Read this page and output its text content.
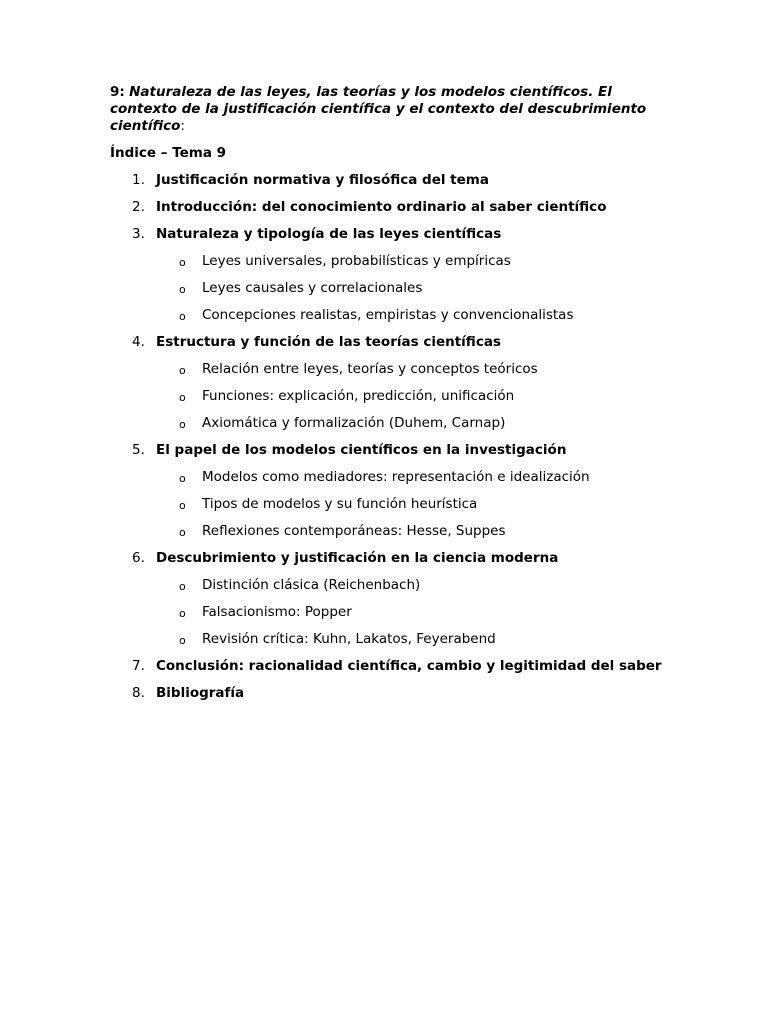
9: Naturaleza de las leyes, las teorías y los modelos científicos. El contexto de la justificación científica y el contexto del descubrimiento científico:

Índice – Tema 9

1. Justificación normativa y filosófica del tema
2. Introducción: del conocimiento ordinario al saber científico
3. Naturaleza y tipología de las leyes científicas
o Leyes universales, probabilísticas y empíricas
o Leyes causales y correlacionales
o Concepciones realistas, empiristas y convencionalistas
4. Estructura y función de las teorías científicas
o Relación entre leyes, teorías y conceptos teóricos
o Funciones: explicación, predicción, unificación
o Axiomática y formalización (Duhem, Carnap)
5. El papel de los modelos científicos en la investigación
o Modelos como mediadores: representación e idealización
o Tipos de modelos y su función heurística
o Reflexiones contemporáneas: Hesse, Suppes
6. Descubrimiento y justificación en la ciencia moderna
o Distinción clásica (Reichenbach)
o Falsacionismo: Popper
o Revisión crítica: Kuhn, Lakatos, Feyerabend
7. Conclusión: racionalidad científica, cambio y legitimidad del saber
8. Bibliografía
